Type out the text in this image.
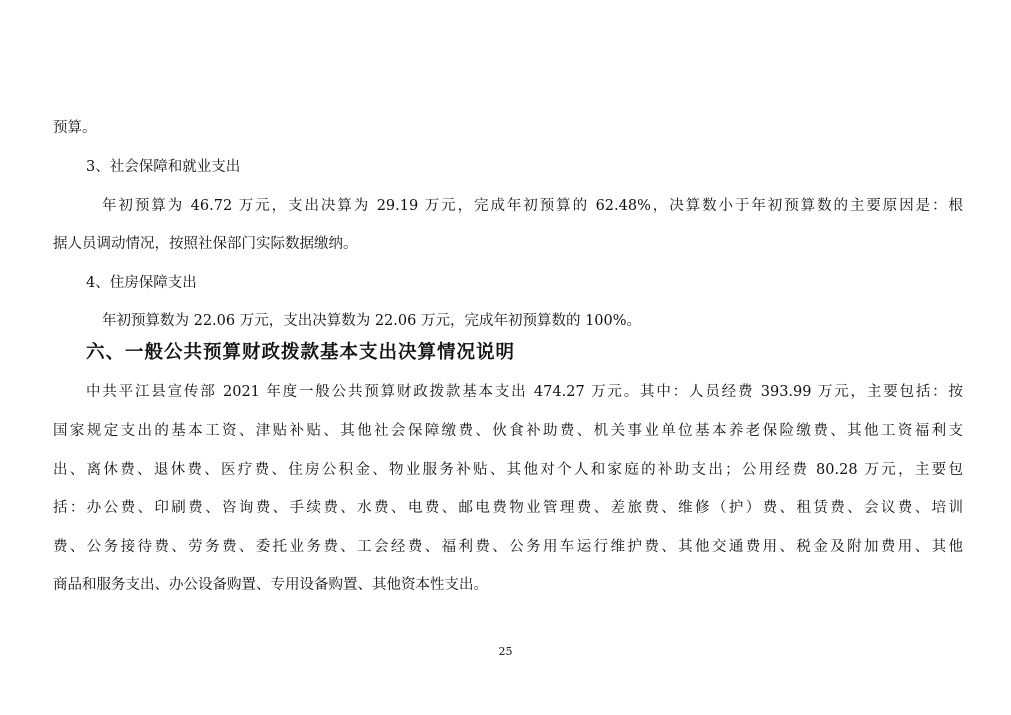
预算。
3、社会保障和就业支出
年初预算为 46.72 万元，支出决算为 29.19 万元，完成年初预算的 62.48%，决算数小于年初预算数的主要原因是：根
据人员调动情况，按照社保部门实际数据缴纳。
4、住房保障支出
年初预算数为 22.06 万元，支出决算数为 22.06 万元，完成年初预算数的 100%。
六、一般公共预算财政拨款基本支出决算情况说明
中共平江县宣传部 2021 年度一般公共预算财政拨款基本支出 474.27 万元。其中：人员经费 393.99 万元，主要包括：按
国家规定支出的基本工资、津贴补贴、其他社会保障缴费、伙食补助费、机关事业单位基本养老保险缴费、其他工资福利支
出、离休费、退休费、医疗费、住房公积金、物业服务补贴、其他对个人和家庭的补助支出；公用经费 80.28 万元，主要包
括：办公费、印刷费、咨询费、手续费、水费、电费、邮电费物业管理费、差旅费、维修（护）费、租赁费、会议费、培训
费、公务接待费、劳务费、委托业务费、工会经费、福利费、公务用车运行维护费、其他交通费用、税金及附加费用、其他
商品和服务支出、办公设备购置、专用设备购置、其他资本性支出。
25
